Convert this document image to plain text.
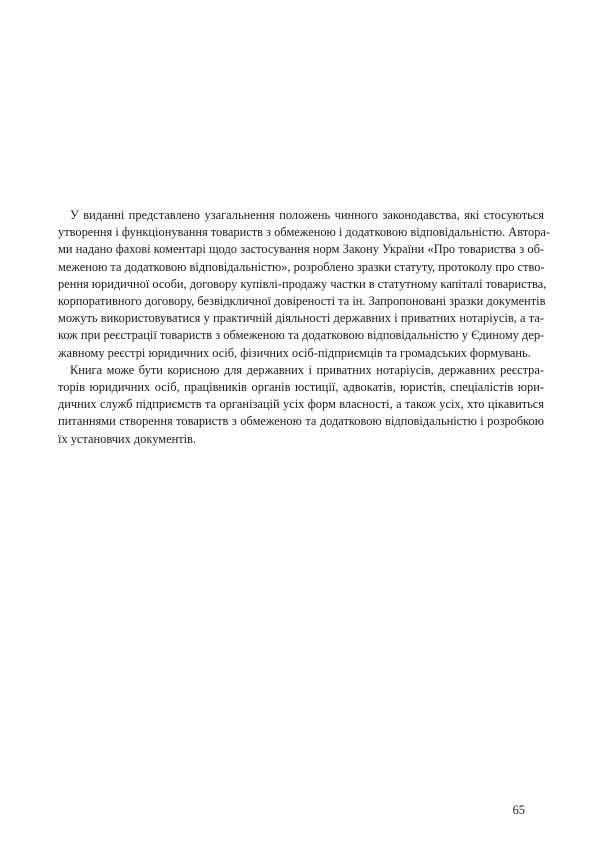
У виданні представлено узагальнення положень чинного законодавства, які стосуються
утворення і функціонування товариств з обмеженою і додатковою відповідальністю. Автора-
ми надано фахові коментарі щодо застосування норм Закону України «Про товариства з об-
меженою та додатковою відповідальністю», розроблено зразки статуту, протоколу про ство-
рення юридичної особи, договору купівлі-продажу частки в статутному капіталі товариства,
корпоративного договору, безвідкличної довіреності та ін. Запропоновані зразки документів
можуть використовуватися у практичній діяльності державних і приватних нотаріусів, а та-
кож при реєстрації товариств з обмеженою та додатковою відповідальністю у Єдиному дер-
жавному реєстрі юридичних осіб, фізичних осіб-підприємців та громадських формувань.
Книга може бути корисною для державних і приватних нотаріусів, державних реєстра-
торів юридичних осіб, працівників органів юстиції, адвокатів, юристів, спеціалістів юри-
дичних служб підприємств та організацій усіх форм власності, а також усіх, хто цікавиться
питаннями створення товариств з обмеженою та додатковою відповідальністю і розробкою
їх установчих документів.
65
